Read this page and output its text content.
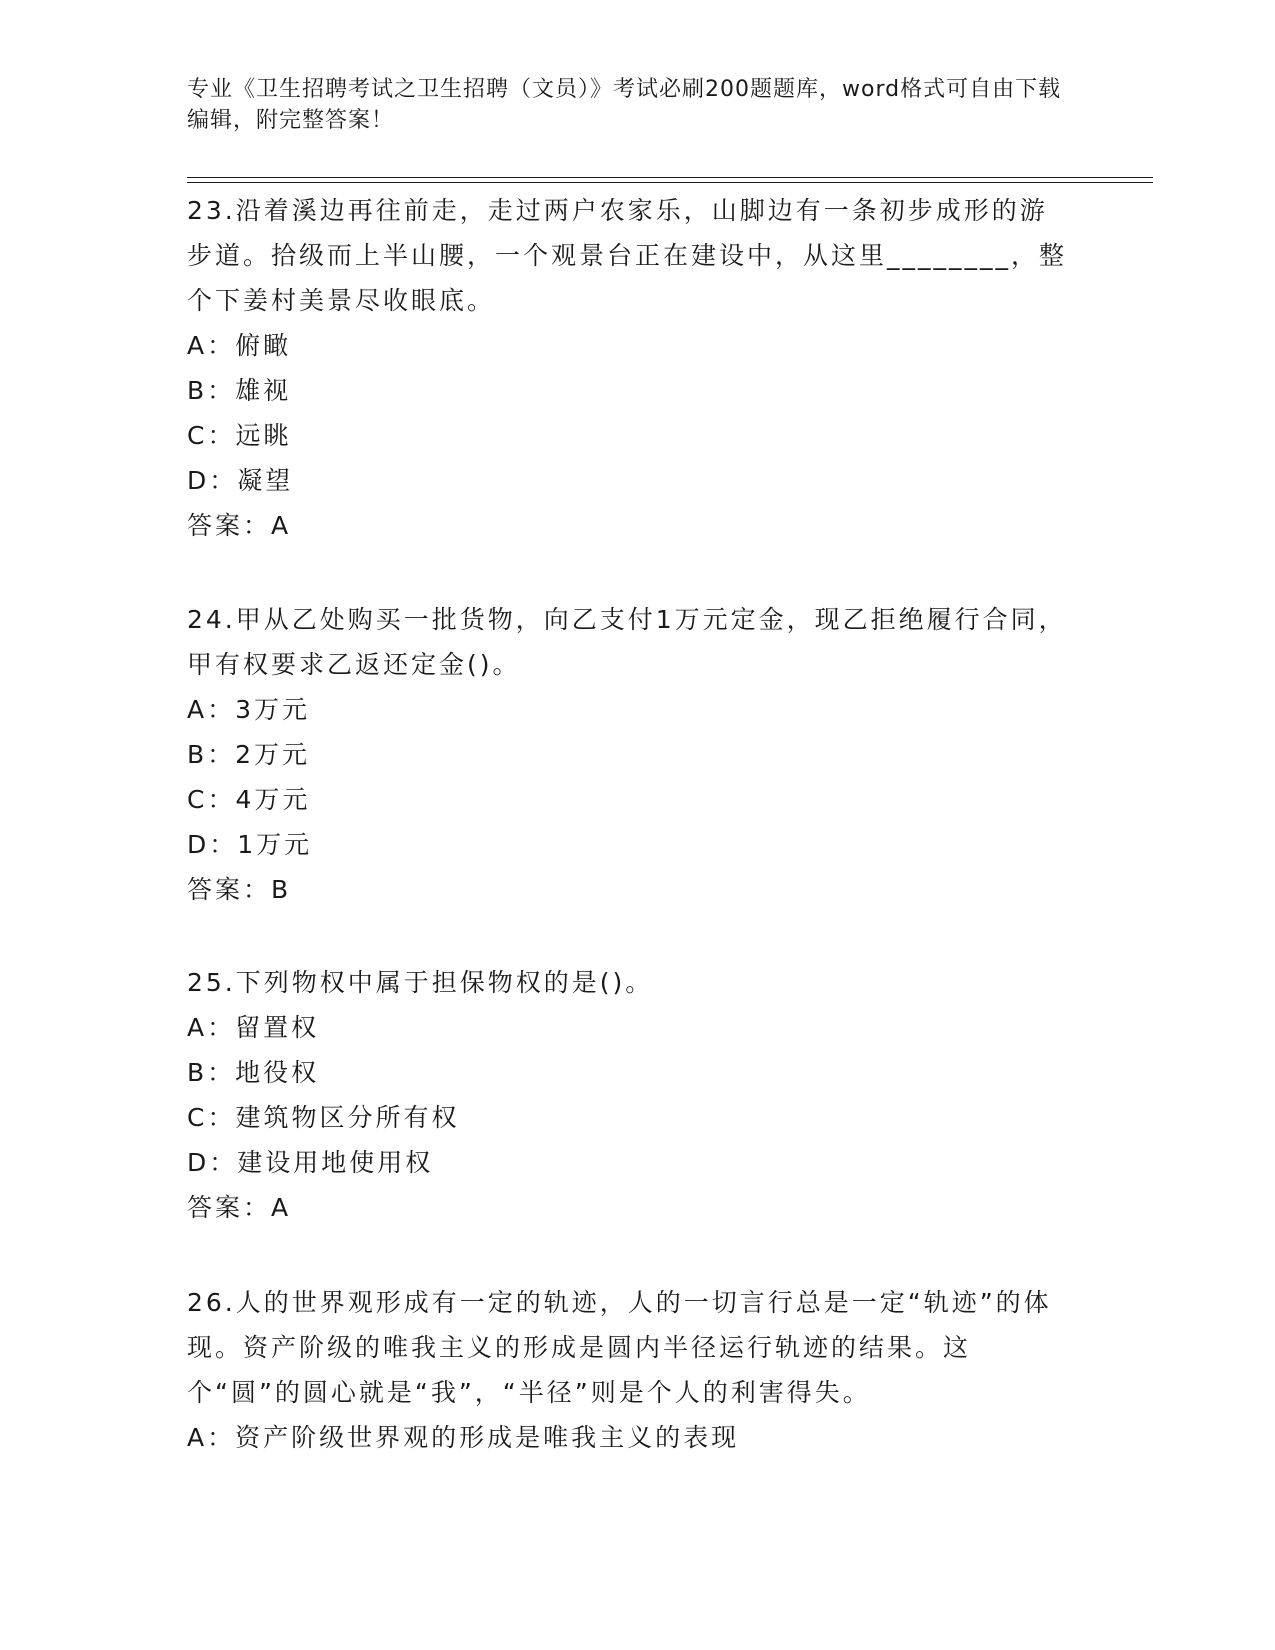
专业《卫生招聘考试之卫生招聘（文员）》考试必刷200题题库，word格式可自由下载编辑，附完整答案！

23.沿着溪边再往前走，走过两户农家乐，山脚边有一条初步成形的游步道。拾级而上半山腰，一个观景台正在建设中，从这里________，整个下姜村美景尽收眼底。

A：俯瞰

B：雄视

C：远眺

D：凝望

答案：A

24.甲从乙处购买一批货物，向乙支付1万元定金，现乙拒绝履行合同，甲有权要求乙返还定金()。

A：3万元

B：2万元

C：4万元

D：1万元

答案：B

25.下列物权中属于担保物权的是()。

A：留置权

B：地役权

C：建筑物区分所有权

D：建设用地使用权

答案：A

26.人的世界观形成有一定的轨迹，人的一切言行总是一定“轨迹”的体现。资产阶级的唯我主义的形成是圆内半径运行轨迹的结果。这个“圆”的圆心就是“我”，“半径”则是个人的利害得失。

A：资产阶级世界观的形成是唯我主义的表现
